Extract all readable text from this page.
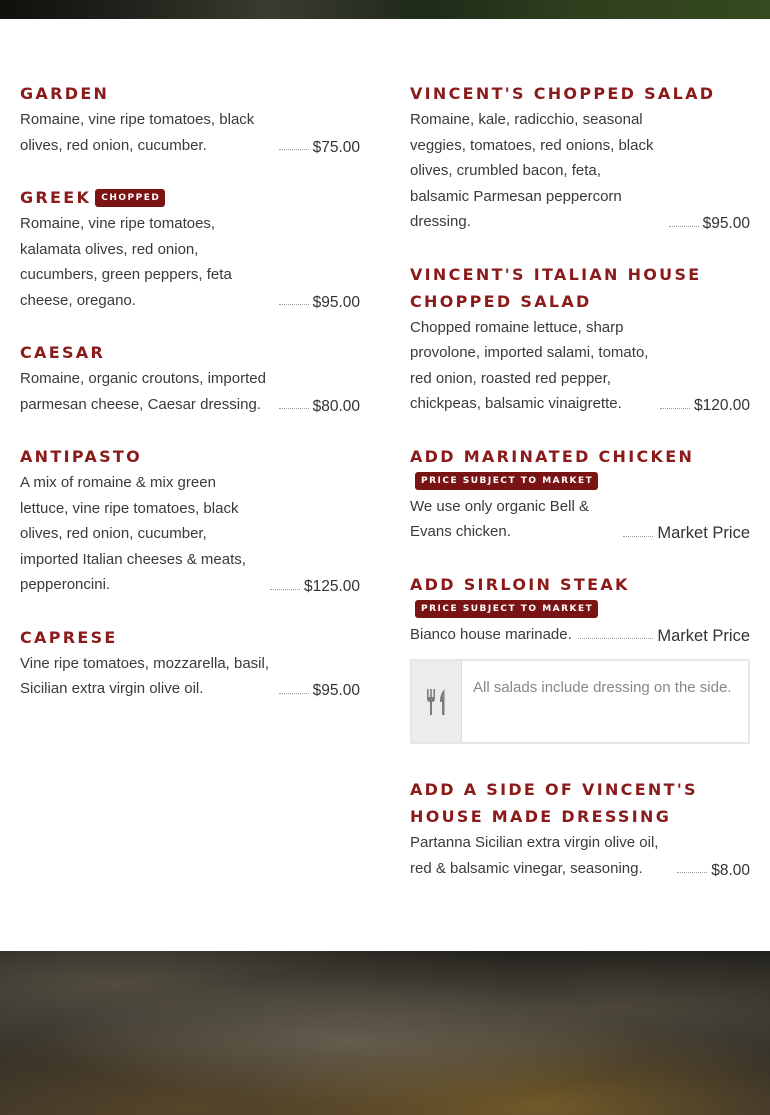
GARDEN
Romaine, vine ripe tomatoes, black olives, red onion, cucumber.	$75.00
GREEK CHOPPED
Romaine, vine ripe tomatoes, kalamata olives, red onion, cucumbers, green peppers, feta cheese, oregano.	$95.00
CAESAR
Romaine, organic croutons, imported parmesan cheese, Caesar dressing.	$80.00
ANTIPASTO
A mix of romaine & mix green lettuce, vine ripe tomatoes, black olives, red onion, cucumber, imported Italian cheeses & meats, pepperoncini.	$125.00
CAPRESE
Vine ripe tomatoes, mozzarella, basil, Sicilian extra virgin olive oil.	$95.00
VINCENT'S CHOPPED SALAD
Romaine, kale, radicchio, seasonal veggies, tomatoes, red onions, black olives, crumbled bacon, feta, balsamic Parmesan peppercorn dressing.	$95.00
VINCENT'S ITALIAN HOUSE CHOPPED SALAD
Chopped romaine lettuce, sharp provolone, imported salami, tomato, red onion, roasted red pepper, chickpeas, balsamic vinaigrette.	$120.00
ADD MARINATED CHICKEN
PRICE SUBJECT TO MARKET
We use only organic Bell & Evans chicken.	Market Price
ADD SIRLOIN STEAK
PRICE SUBJECT TO MARKET
Bianco house marinade.	Market Price
All salads include dressing on the side.
ADD A SIDE OF VINCENT'S HOUSE MADE DRESSING
Partanna Sicilian extra virgin olive oil, red & balsamic vinegar, seasoning.	$8.00
